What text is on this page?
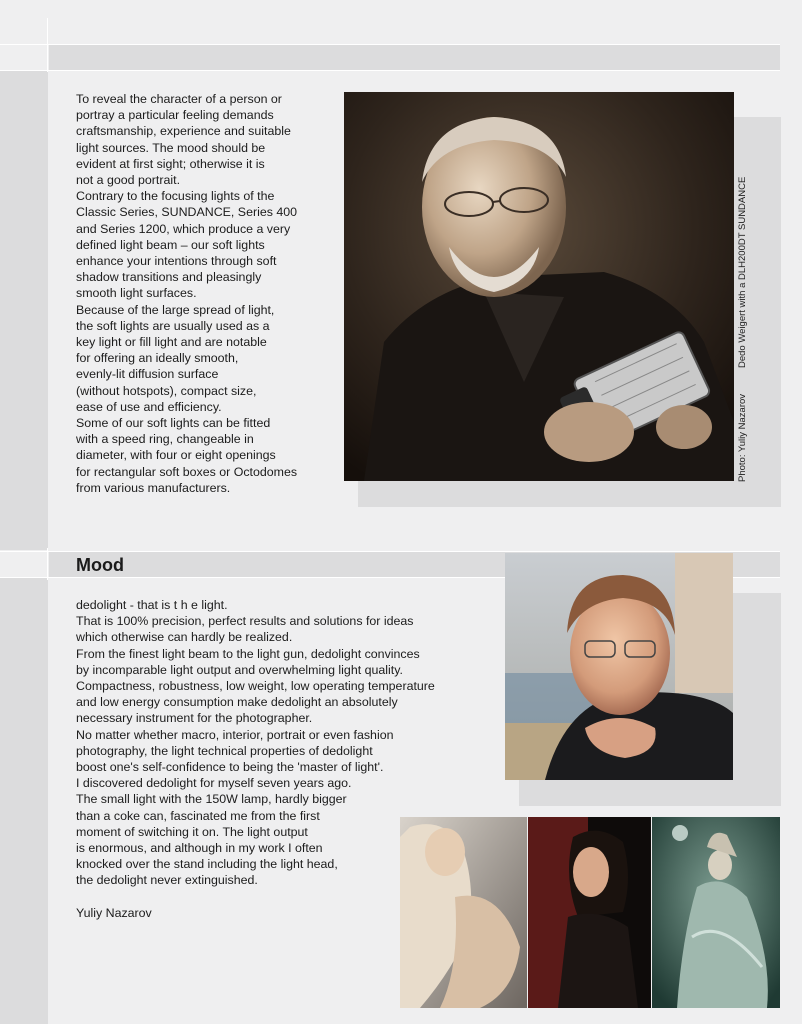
To reveal the character of a person or
portray a particular feeling demands
craftsmanship, experience and suitable
light sources. The mood should be
evident at first sight; otherwise it is
not a good portrait.
Contrary to the focusing lights of the
Classic Series, SUNDANCE, Series 400
and Series 1200, which produce a very
defined light beam – our soft lights
enhance your intentions through soft
shadow transitions and pleasingly
smooth light surfaces.
Because of the large spread of light,
the soft lights are usually used as a
key light or fill light and are notable
for offering an ideally smooth,
evenly-lit diffusion surface
(without hotspots), compact size,
ease of use and efficiency.
Some of our soft lights can be fitted
with a speed ring, changeable in
diameter, with four or eight openings
for rectangular soft boxes or Octodomes
from various manufacturers.
Dedo Weigert with a DLH200DT SUNDANCE
Photo: Yuliy Nazarov
Mood
dedolight - that is t h e light.
That is 100% precision, perfect results and solutions for ideas
which otherwise can hardly be realized.
From the finest light beam to the light gun, dedolight convinces
by incomparable light output and overwhelming light quality.
Compactness, robustness, low weight, low operating temperature
and low energy consumption make dedolight an absolutely
necessary instrument for the photographer.
No matter whether macro, interior, portrait or even fashion
photography, the light technical properties of dedolight
boost one's self-confidence to being the 'master of light'.
I discovered dedolight for myself seven years ago.
The small light with the 150W lamp, hardly bigger
than a coke can, fascinated me from the first
moment of switching it on. The light output
is enormous, and although in my work I often
knocked over the stand including the light head,
the dedolight never extinguished.
Yuliy Nazarov
